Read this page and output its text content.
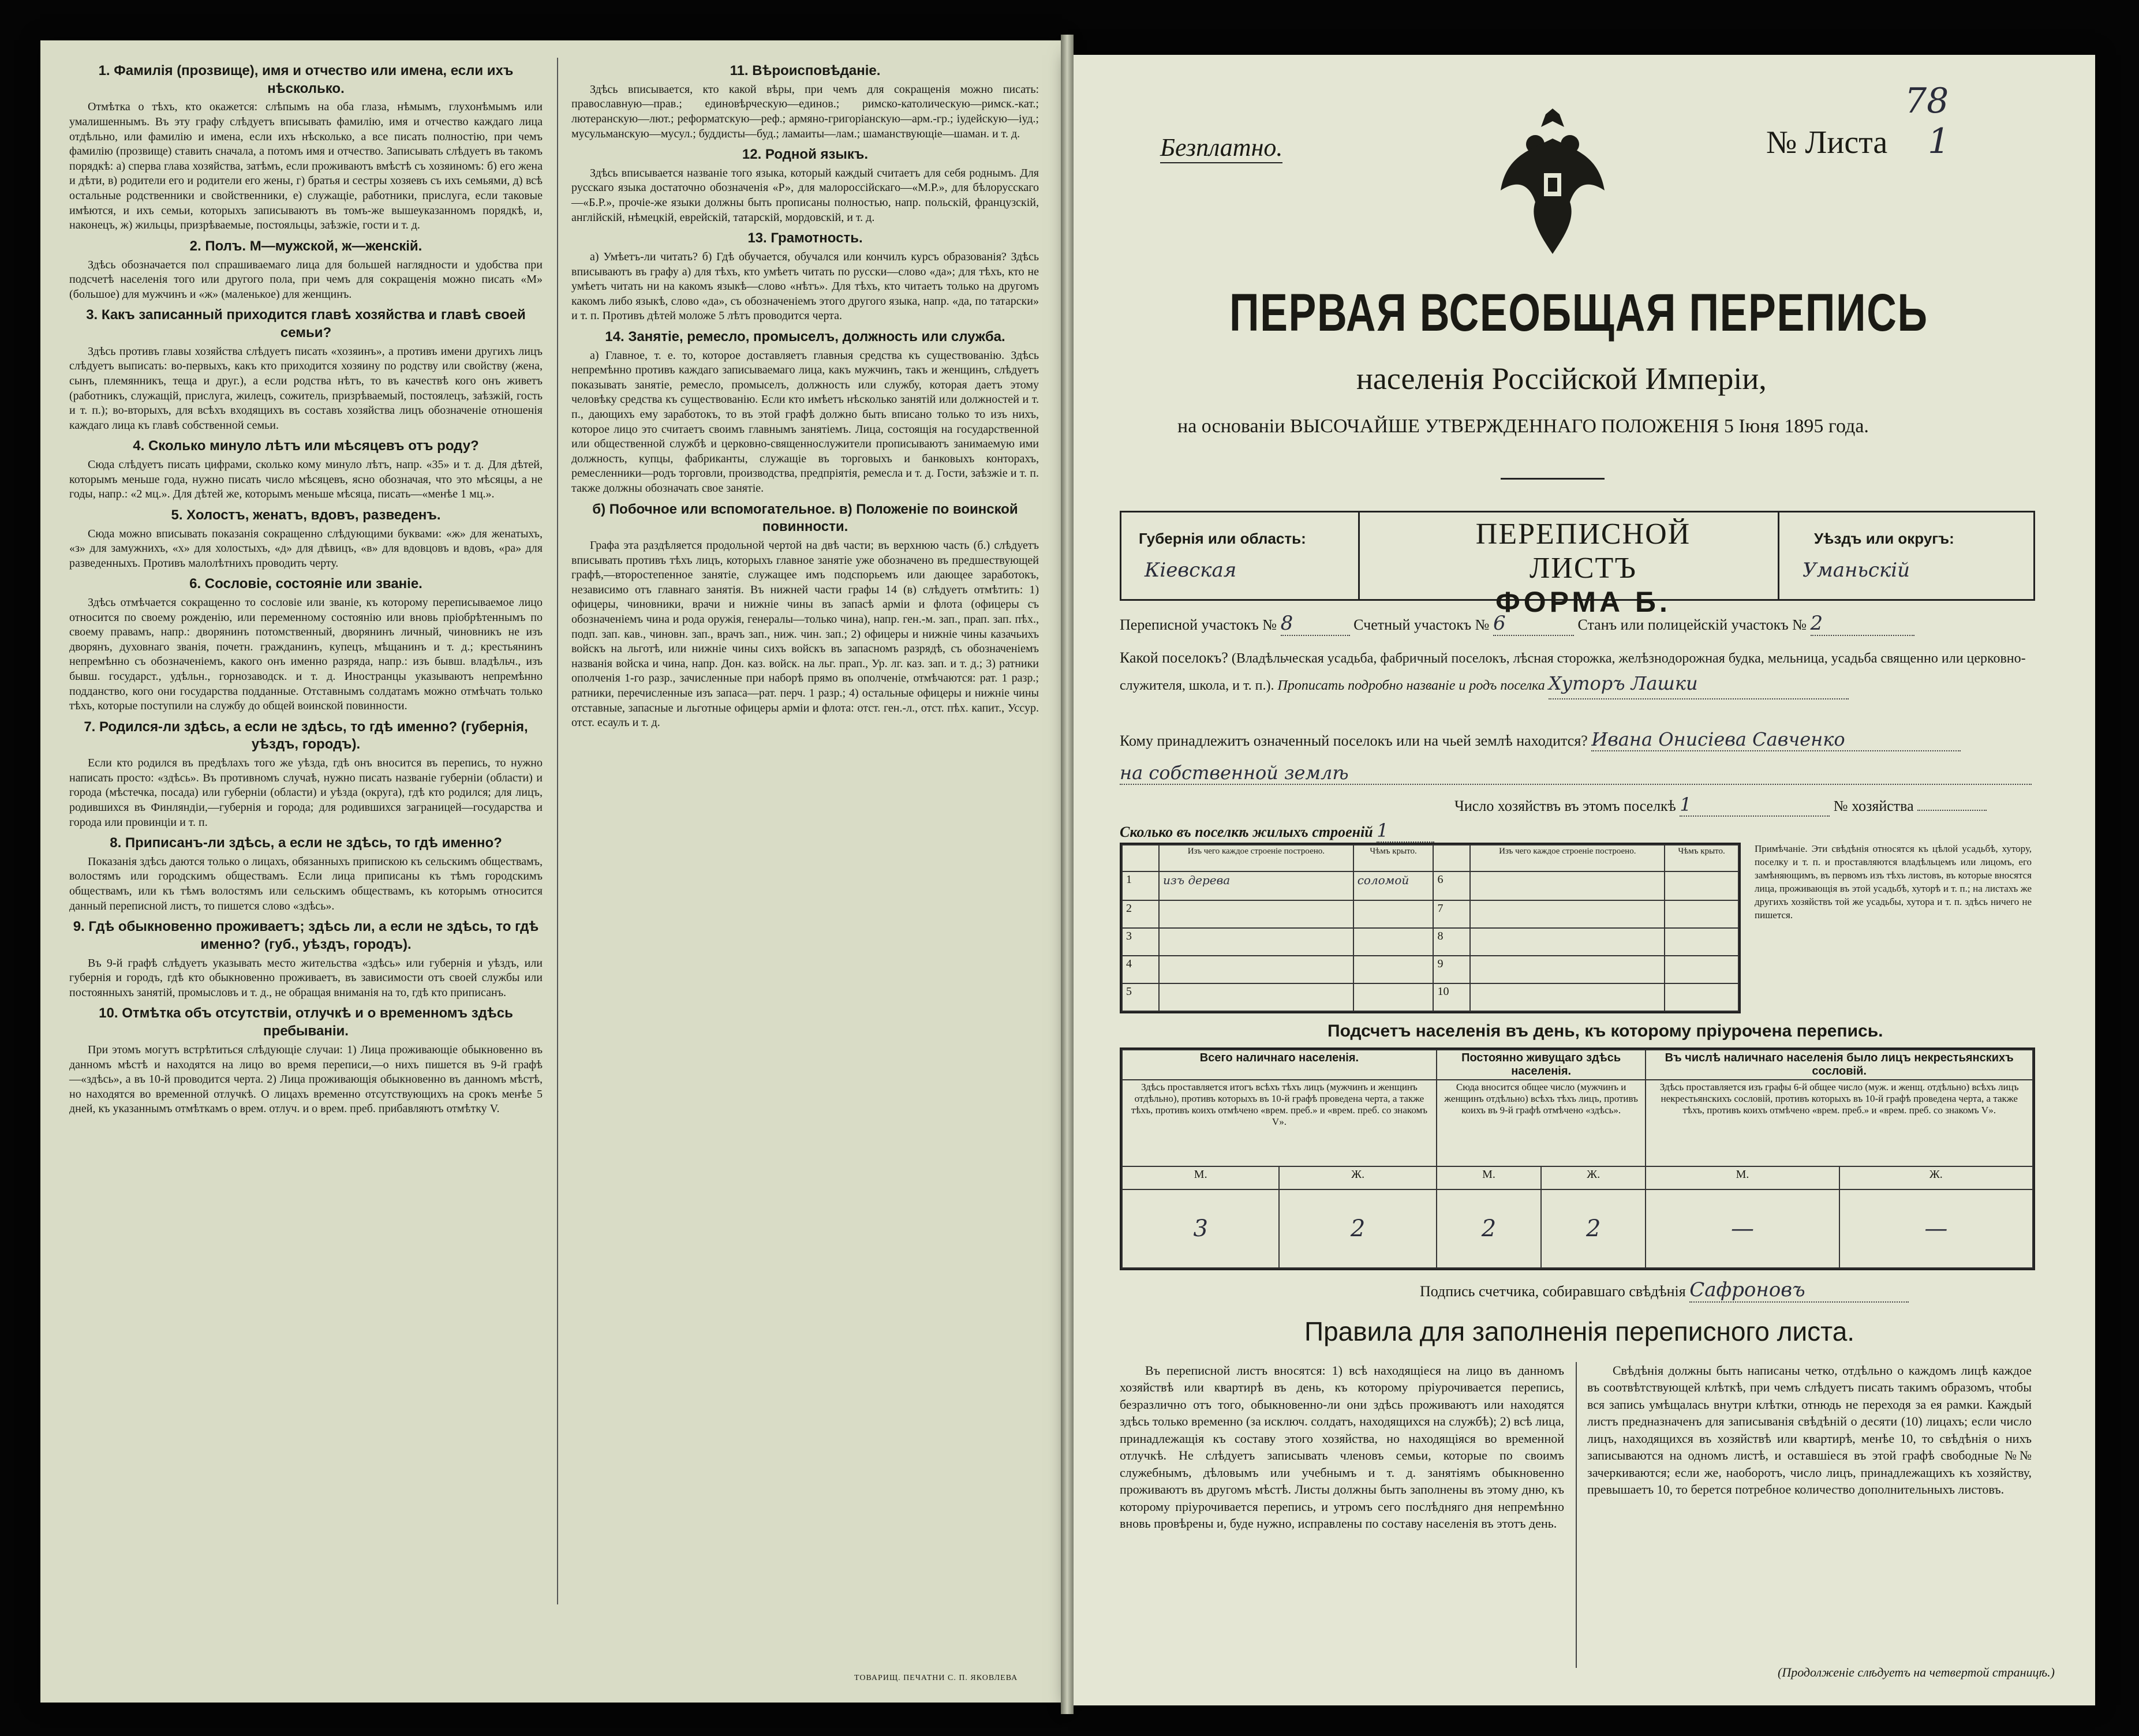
1. Фамилія (прозвище), имя и отчество или имена, если ихъ нѣсколько.

Отмѣтка о тѣхъ, кто окажется: слѣпымъ на оба глаза, нѣмымъ, глухонѣмымъ или умалишеннымъ. Въ эту графу слѣдуетъ вписывать фамилію, имя и отчество каждаго лица отдѣльно, или фамилію и имена, если ихъ нѣсколько, а все писать полностію, при чемъ фамилію (прозвище) ставить сначала, а потомъ имя и отчество. Записывать слѣдуетъ въ такомъ порядкѣ: а) сперва глава хозяйства, затѣмъ, если проживаютъ вмѣстѣ съ хозяиномъ: б) его жена и дѣти, в) родители его и родители его жены, г) братья и сестры хозяевъ съ ихъ семьями, д) всѣ остальные родственники и свойственники, е) служащіе, работники, прислуга, если таковые имѣются, и ихъ семьи, которыхъ записываютъ въ томъ-же вышеуказанномъ порядкѣ, и, наконецъ, ж) жильцы, призрѣваемые, постояльцы, заѣзжіе, гости и т. д.

2. Полъ. М—мужской, ж—женскій.

Здѣсь обозначается пол спрашиваемаго лица для большей наглядности и удобства при подсчетѣ населенія того или другого пола, при чемъ для сокращенія можно писать «М» (большое) для мужчинъ и «ж» (маленькое) для женщинъ.

3. Какъ записанный приходится главѣ хозяйства и главѣ своей семьи?

Здѣсь противъ главы хозяйства слѣдуетъ писать «хозяинъ», а противъ имени другихъ лицъ слѣдуетъ выписать: во-первыхъ, какъ кто приходится хозяину по родству или свойству (жена, сынъ, племянникъ, теща и друг.), а если родства нѣтъ, то въ качествѣ кого онъ живетъ (работникъ, служащій, прислуга, жилецъ, сожитель, призрѣваемый, постоялецъ, заѣзжій, гость и т. п.); во-вторыхъ, для всѣхъ входящихъ въ составъ хозяйства лицъ обозначеніе отношенія каждаго лица къ главѣ собственной семьи.

4. Сколько минуло лѣтъ или мѣсяцевъ отъ роду?

Сюда слѣдуетъ писать цифрами, сколько кому минуло лѣтъ, напр. «35» и т. д. Для дѣтей, которымъ меньше года, нужно писать число мѣсяцевъ, ясно обозначая, что это мѣсяцы, а не годы, напр.: «2 мц.». Для дѣтей же, которымъ меньше мѣсяца, писать—«менѣе 1 мц.».

5. Холостъ, женатъ, вдовъ, разведенъ.

Сюда можно вписывать показанія сокращенно слѣдующими буквами: «ж» для женатыхъ, «з» для замужнихъ, «х» для холостыхъ, «д» для дѣвицъ, «в» для вдовцовъ и вдовъ, «ра» для разведенныхъ. Противъ малолѣтнихъ проводить черту.

6. Сословіе, состояніе или званіе.

Здѣсь отмѣчается сокращенно то сословіе или званіе, къ которому переписываемое лицо относится по своему рожденію, или переменному состоянію или вновь пріобрѣтеннымъ по своему правамъ, напр.: дворянинъ потомственный, дворянинъ личный, чиновникъ не изъ дворянъ, духовнаго званія, почетн. гражданинъ, купецъ, мѣщанинъ и т. д.; крестьянинъ непремѣнно съ обозначеніемъ, какого онъ именно разряда, напр.: изъ бывш. владѣльч., изъ бывш. государст., удѣльн., горнозаводск. и т. д. Иностранцы указываютъ непремѣнно подданство, кого они государства подданные. Отставнымъ солдатамъ можно отмѣчать только тѣхъ, которые поступили на службу до общей воинской повинности.

7. Родился-ли здѣсь, а если не здѣсь, то гдѣ именно? (губернія, уѣздъ, городъ).

Если кто родился въ предѣлахъ того же уѣзда, гдѣ онъ вносится въ перепись, то нужно написать просто: «здѣсь». Въ противномъ случаѣ, нужно писать названіе губерніи (области) и города (мѣстечка, посада) или губерніи (области) и уѣзда (округа), гдѣ кто родился; для лицъ, родившихся въ Финляндіи,—губернія и города; для родившихся заграницей—государства и города или провинціи и т. п.

8. Приписанъ-ли здѣсь, а если не здѣсь, то гдѣ именно?

Показанія здѣсь даются только о лицахъ, обязанныхъ припискою къ сельскимъ обществамъ, волостямъ или городскимъ обществамъ. Если лица приписаны къ тѣмъ городскимъ обществамъ, или къ тѣмъ волостямъ или сельскимъ обществамъ, къ которымъ относится данный переписной листъ, то пишется слово «здѣсь».

9. Гдѣ обыкновенно проживаетъ; здѣсь ли, а если не здѣсь, то гдѣ именно? (губ., уѣздъ, городъ).

Въ 9-й графѣ слѣдуетъ указывать место жительства «здѣсь» или губернія и уѣздъ, или губернія и городъ, гдѣ кто обыкновенно проживаетъ, въ зависимости отъ своей службы или постоянныхъ занятій, промысловъ и т. д., не обращая вниманія на то, гдѣ кто приписанъ.

10. Отмѣтка объ отсутствіи, отлучкѣ и о временномъ здѣсь пребываніи.

При этомъ могутъ встрѣтиться слѣдующіе случаи: 1) Лица проживающіе обыкновенно въ данномъ мѣстѣ и находятся на лицо во время переписи,—о нихъ пишется въ 9-й графѣ—«здѣсь», а въ 10-й проводится черта. 2) Лица проживающія обыкновенно въ данномъ мѣстѣ, но находятся во временной отлучкѣ. О лицахъ временно отсутствующихъ на срокъ менѣе 5 дней, къ указаннымъ отмѣткамъ о врем. отлуч. и о врем. преб. прибавляютъ отмѣтку V.

11. Вѣроисповѣданіе.

Здѣсь вписывается, кто какой вѣры, при чемъ для сокращенія можно писать: православную—прав.; единовѣрческую—единов.; римско-католическую—римск.-кат.; лютеранскую—лют.; реформатскую—реф.; армяно-григоріанскую—арм.-гр.; іудейскую—іуд.; мусульманскую—мусул.; буддисты—буд.; ламаиты—лам.; шаманствующіе—шаман. и т. д.

12. Родной языкъ.

Здѣсь вписывается названіе того языка, который каждый считаетъ для себя роднымъ. Для русскаго языка достаточно обозначенія «Р», для малороссійскаго—«М.Р.», для бѣлорусскаго—«Б.Р.», прочіе-же языки должны быть прописаны полностью, напр. польскій, французскій, англійскій, нѣмецкій, еврейскій, татарскій, мордовскій, и т. д.

13. Грамотность.

а) Умѣетъ-ли читать? б) Гдѣ обучается, обучался или кончилъ курсъ образованія? Здѣсь вписываютъ въ графу а) для тѣхъ, кто умѣетъ читать по русски—слово «да»; для тѣхъ, кто не умѣетъ читать ни на какомъ языкѣ—слово «нѣтъ». Для тѣхъ, кто читаетъ только на другомъ какомъ либо языкѣ, слово «да», съ обозначеніемъ этого другого языка, напр. «да, по татарски» и т. п. Противъ дѣтей моложе 5 лѣтъ проводится черта.

14. Занятіе, ремесло, промыселъ, должность или служба.

а) Главное, т. е. то, которое доставляетъ главныя средства къ существованію. Здѣсь непремѣнно противъ каждаго записываемаго лица, какъ мужчинъ, такъ и женщинъ, слѣдуетъ показывать занятіе, ремесло, промыселъ, должность или службу, которая даетъ этому человѣку средства къ существованію. Если кто имѣетъ нѣсколько занятій или должностей и т. п., дающихъ ему заработокъ, то въ этой графѣ должно быть вписано только то изъ нихъ, которое лицо это считаетъ своимъ главнымъ занятіемъ. Лица, состоящія на государственной или общественной службѣ и церковно-священнослужители прописываютъ занимаемую ими должность, купцы, фабриканты, служащіе въ торговыхъ и банковыхъ конторахъ, ремесленники—родъ торговли, производства, предпріятія, ремесла и т. д. Гости, заѣзжіе и т. п. также должны обозначать свое занятіе.

б) Побочное или вспомогательное. в) Положеніе по воинской повинности.

Графа эта раздѣляется продольной чертой на двѣ части; въ верхнюю часть (б.) слѣдуетъ вписывать противъ тѣхъ лицъ, которыхъ главное занятіе уже обозначено въ предшествующей графѣ,—второстепенное занятіе, служащее имъ подспорьемъ или дающее заработокъ, независимо отъ главнаго занятія. Въ нижней части графы 14 (в) слѣдуетъ отмѣтить: 1) офицеры, чиновники, врачи и нижніе чины въ запасѣ армiи и флота (офицеры съ обозначеніемъ чина и рода оружія, генералы—только чина), напр. ген.-м. зап., прап. зап. пѣх., подп. зап. кав., чиновн. зап., врачъ зап., ниж. чин. зап.; 2) офицеры и нижніе чины казачьихъ войскъ на льготѣ, или нижніе чины сихъ войскъ въ запасномъ разрядѣ, съ обозначеніемъ названія войска и чина, напр. Дон. каз. войск. на льг. прап., Ур. лг. каз. зап. и т. д.; 3) ратники ополченія 1-го разр., зачисленные при наборѣ прямо въ ополченіе, отмѣчаются: рат. 1 разр.; ратники, перечисленные изъ запаса—рат. перч. 1 разр.; 4) остальные офицеры и нижніе чины отставные, запасные и льготные офицеры армiи и флота: отст. ген.-л., отст. пѣх. капит., Уссур. отст. есаулъ и т. д.

ТОВАРИЩ. ПЕЧАТНИ С. П. ЯКОВЛЕВА
Безплатно.	№ Листа 1
78
ПЕРВАЯ ВСЕОБЩАЯ ПЕРЕПИСЬ
населенія Россійской Имперіи,
на основаніи ВЫСОЧАЙШЕ УТВЕРЖДЕННАГО ПОЛОЖЕНІЯ 5 Іюня 1895 года.
Губернія или область:
Кіевская
ПЕРЕПИСНОЙ ЛИСТЪ
ФОРМА Б.
Уѣздъ или округъ:
Уманьскій
Переписной участокъ № 8	Счетный участокъ № 6	Станъ или полицейскій участокъ № 2
Какой поселокъ? (Владѣльческая усадьба, фабричный поселокъ, лѣсная сторожка, желѣзнодорожная будка, мельница, усадьба священно или церковно-служителя, школа, и т. п.). Прописать подробно названіе и родъ поселка Хуторъ Лашки
Кому принадлежитъ означенный поселокъ или на чьей землѣ находится? Ивана Онисіева Савченко
на собственной землѣ
Число хозяйствъ въ этомъ поселкѣ 1	№ хозяйства
Сколько въ поселкѣ жилыхъ строеній 1
	Изъ чего каждое строеніе построено.	Чѣмъ крыто.		Изъ чего каждое строеніе построено.	Чѣмъ крыто.
1	изъ дерева	соломой	6		
2			7		
3			8		
4			9		
5			10		
Примѣчаніе. Эти свѣдѣнія относятся къ цѣлой усадьбѣ, хутору, поселку и т. п. и проставляются владѣльцемъ или лицомъ, его замѣняющимъ, въ первомъ изъ тѣхъ листовъ, въ которые вносятся лица, проживающія въ этой усадьбѣ, хуторѣ и т. п.; на листахъ же другихъ хозяйствъ той же усадьбы, хутора и т. п. здѣсь ничего не пишется.
Подсчетъ населенія въ день, къ которому пріурочена перепись.
Всего наличнаго населенія.		Постоянно живущаго здѣсь населенія.		Въ числѣ наличнаго населенія было лицъ некрестьянскихъ сословій.	
Здѣсь проставляется итогъ всѣхъ тѣхъ лицъ (мужчинъ и женщинъ отдѣльно), противъ которыхъ въ 10-й графѣ проведена черта, а также тѣхъ, противъ коихъ отмѣчено «врем. преб.» и «врем. преб. со знакомъ V».		Сюда вносится общее число (мужчинъ и женщинъ отдѣльно) всѣхъ тѣхъ лицъ, противъ коихъ въ 9-й графѣ отмѣчено «здѣсь».		Здѣсь проставляется изъ графы 6-й общее число (муж. и женщ. отдѣльно) всѣхъ лицъ некрестьянскихъ сословій, противъ которыхъ въ 10-й графѣ проведена черта, а также тѣхъ, противъ коихъ отмѣчено «врем. преб.» и «врем. преб. со знакомъ V».	
М.	Ж.	М.	Ж.	М.	Ж.
3	2	2	2	—	—
Подпись счетчика, собиравшаго свѣдѣнія Сафроновъ
Правила для заполненія переписного листа.
Въ переписной листъ вносятся: 1) всѣ находящіеся на лицо въ данномъ хозяйствѣ или квартирѣ въ день, къ которому пріурочивается перепись, безразлично отъ того, обыкновенно-ли они здѣсь проживаютъ или находятся здѣсь только временно (за исключ. солдатъ, находящихся на службѣ); 2) всѣ лица, принадлежащія къ составу этого хозяйства, но находящіяся во временной отлучкѣ. Не слѣдуетъ записывать членовъ семьи, которые по своимъ служебнымъ, дѣловымъ или учебнымъ и т. д. занятіямъ обыкновенно проживаютъ въ другомъ мѣстѣ. Листы должны быть заполнены въ этому дню, къ которому пріурочивается перепись, и утромъ сего послѣдняго дня непремѣнно вновь провѣрены и, буде нужно, исправлены по составу населенія въ этотъ день.
Свѣдѣнія должны быть написаны четко, отдѣльно о каждомъ лицѣ каждое въ соотвѣтствующей клѣткѣ, при чемъ слѣдуетъ писать такимъ образомъ, чтобы вся запись умѣщалась внутри клѣтки, отнюдь не переходя за ея рамки. Каждый листъ предназначенъ для записыванія свѣдѣній о десяти (10) лицахъ; если число лицъ, находящихся въ хозяйствѣ или квартирѣ, менѣе 10, то свѣдѣнія о нихъ записываются на одномъ листѣ, и оставшіеся въ этой графѣ свободные №№ зачеркиваются; если же, наоборотъ, число лицъ, принадлежащихъ къ хозяйству, превышаетъ 10, то берется потребное количество дополнительныхъ листовъ.
(Продолженіе слѣдуетъ на четвертой страницѣ.)
